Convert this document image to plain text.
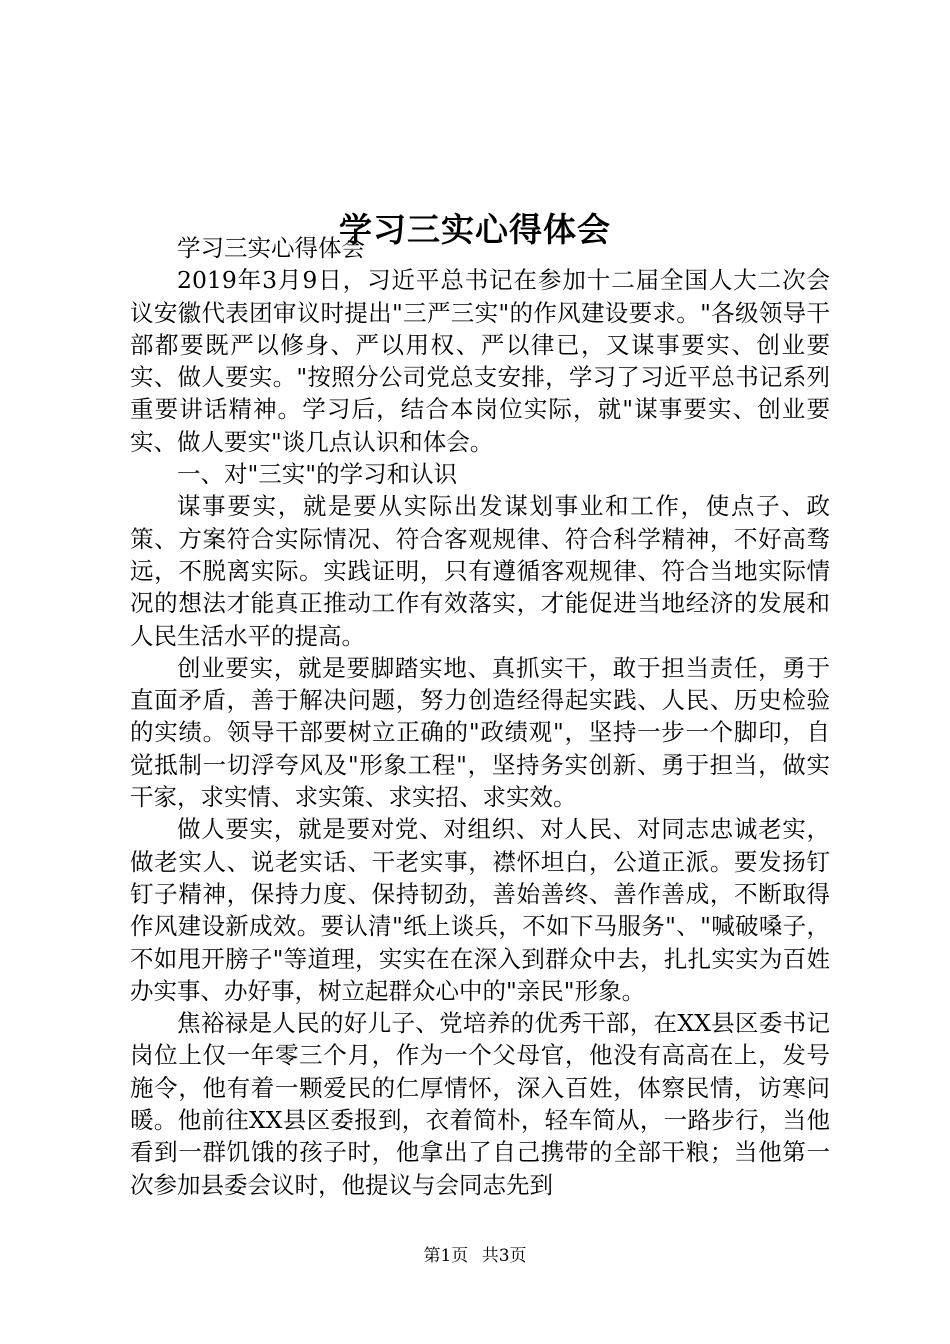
学习三实心得体会

学习三实心得体会

2019年3月9日，习近平总书记在参加十二届全国人大二次会议安徽代表团审议时提出"三严三实"的作风建设要求。"各级领导干部都要既严以修身、严以用权、严以律已，又谋事要实、创业要实、做人要实。"按照分公司党总支安排，学习了习近平总书记系列重要讲话精神。学习后，结合本岗位实际，就"谋事要实、创业要实、做人要实"谈几点认识和体会。

一、对"三实"的学习和认识

谋事要实，就是要从实际出发谋划事业和工作，使点子、政策、方案符合实际情况、符合客观规律、符合科学精神，不好高骛远，不脱离实际。实践证明，只有遵循客观规律、符合当地实际情况的想法才能真正推动工作有效落实，才能促进当地经济的发展和人民生活水平的提高。

创业要实，就是要脚踏实地、真抓实干，敢于担当责任，勇于直面矛盾，善于解决问题，努力创造经得起实践、人民、历史检验的实绩。领导干部要树立正确的"政绩观"，坚持一步一个脚印，自觉抵制一切浮夸风及"形象工程"，坚持务实创新、勇于担当，做实干家，求实情、求实策、求实招、求实效。

做人要实，就是要对党、对组织、对人民、对同志忠诚老实，做老实人、说老实话、干老实事，襟怀坦白，公道正派。要发扬钉钉子精神，保持力度、保持韧劲，善始善终、善作善成，不断取得作风建设新成效。要认清"纸上谈兵，不如下马服务"、"喊破嗓子，不如甩开膀子"等道理，实实在在深入到群众中去，扎扎实实为百姓办实事、办好事，树立起群众心中的"亲民"形象。

焦裕禄是人民的好儿子、党培养的优秀干部，在XX县区委书记岗位上仅一年零三个月，作为一个父母官，他没有高高在上，发号施令，他有着一颗爱民的仁厚情怀，深入百姓，体察民情，访寒问暖。他前往XX县区委报到，衣着简朴，轻车简从，一路步行，当他看到一群饥饿的孩子时，他拿出了自己携带的全部干粮；当他第一次参加县委会议时，他提议与会同志先到

第1页 共3页
